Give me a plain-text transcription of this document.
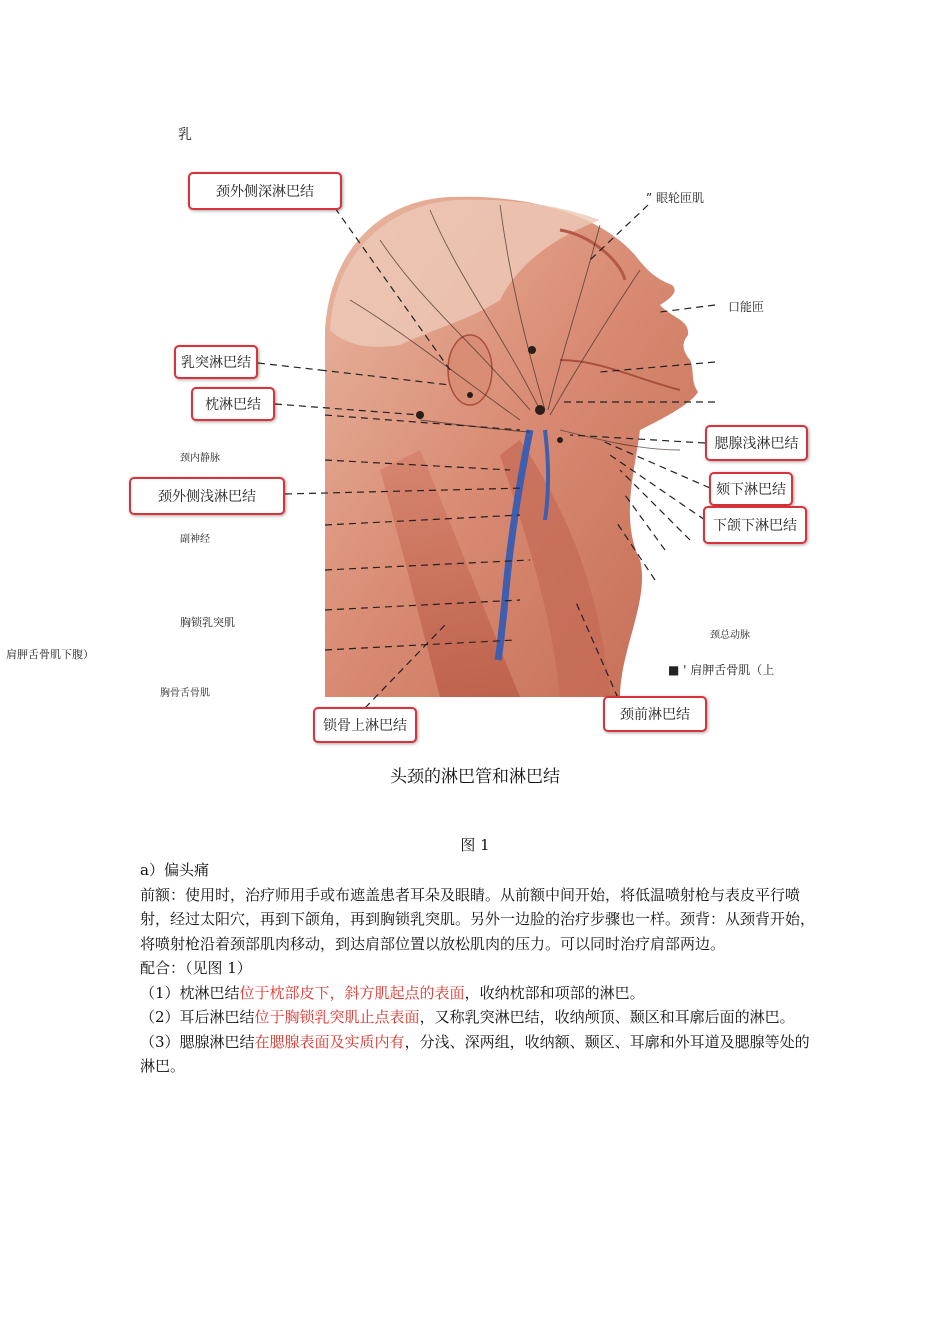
乳
” 眼轮匝肌
口能匝
颈内静脉
副神经
胸锁乳突肌
肩胛舌骨肌下腹）
胸骨舌骨肌
颈总动脉
■ ' 肩胛舌骨肌（上
颈外侧深淋巴结
乳突淋巴结
枕淋巴结
颈外侧浅淋巴结
腮腺浅淋巴结
颏下淋巴结
下颌下淋巴结
锁骨上淋巴结
颈前淋巴结
头颈的淋巴管和淋巴结
图 1

a）偏头痛

前额：使用时，治疗师用手或布遮盖患者耳朵及眼睛。从前额中间开始，将低温喷射枪与表皮平行喷射，经过太阳穴，再到下颌角，再到胸锁乳突肌。另外一边脸的治疗步骤也一样。颈背：从颈背开始，将喷射枪沿着颈部肌肉移动，到达肩部位置以放松肌肉的压力。可以同时治疗肩部两边。

配合：（见图 1）

（1）枕淋巴结位于枕部皮下，斜方肌起点的表面，收纳枕部和项部的淋巴。

（2）耳后淋巴结位于胸锁乳突肌止点表面，又称乳突淋巴结，收纳颅顶、颞区和耳廓后面的淋巴。

（3）腮腺淋巴结在腮腺表面及实质内有，分浅、深两组，收纳额、颞区、耳廓和外耳道及腮腺等处的淋巴。
